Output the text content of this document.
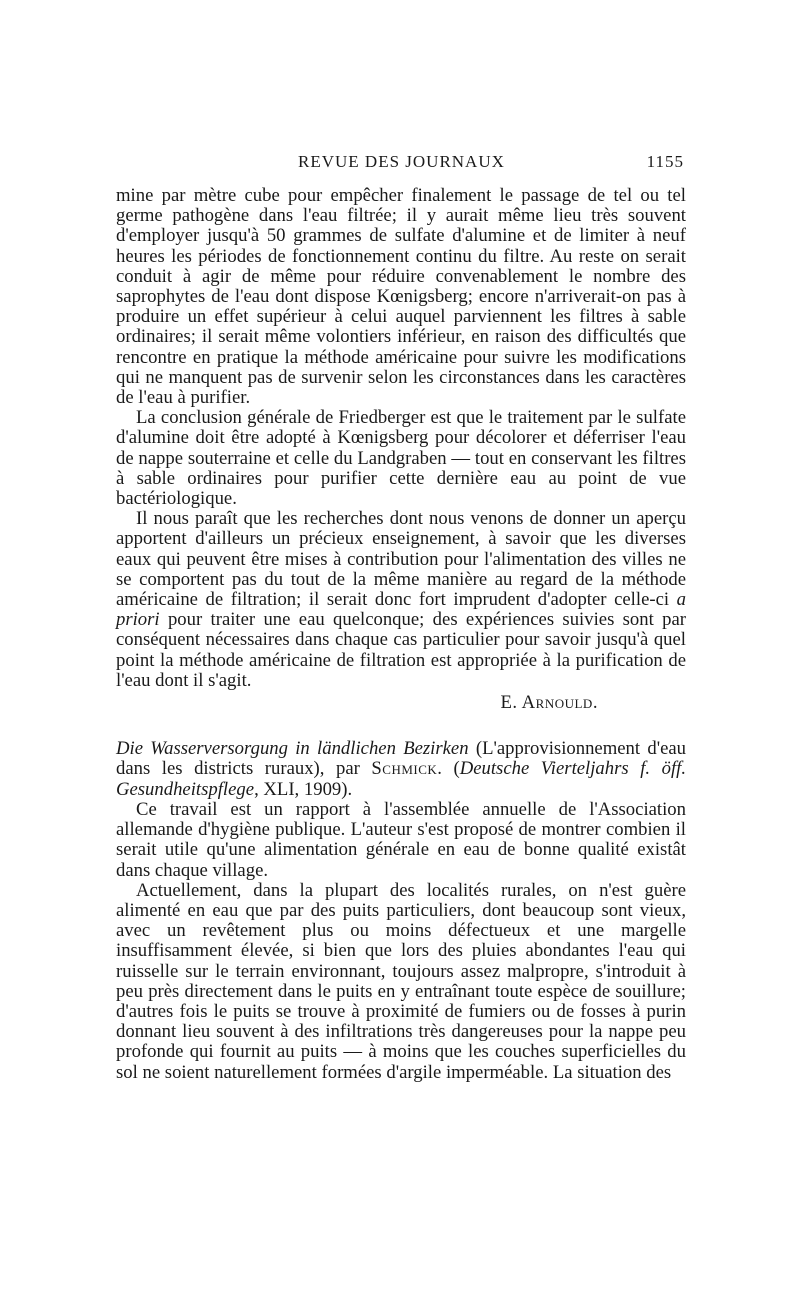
REVUE DES JOURNAUX	1155

mine par mètre cube pour empêcher finalement le passage de tel ou tel germe pathogène dans l'eau filtrée; il y aurait même lieu très souvent d'employer jusqu'à 50 grammes de sulfate d'alumine et de limiter à neuf heures les périodes de fonctionnement continu du filtre. Au reste on serait conduit à agir de même pour réduire convenablement le nombre des saprophytes de l'eau dont dispose Kœnigsberg; encore n'arriverait-on pas à produire un effet supérieur à celui auquel parviennent les filtres à sable ordinaires; il serait même volontiers inférieur, en raison des difficultés que rencontre en pratique la méthode américaine pour suivre les modifications qui ne manquent pas de survenir selon les circonstances dans les caractères de l'eau à purifier.

La conclusion générale de Friedberger est que le traitement par le sulfate d'alumine doit être adopté à Kœnigsberg pour décolorer et déferriser l'eau de nappe souterraine et celle du Landgraben — tout en conservant les filtres à sable ordinaires pour purifier cette dernière eau au point de vue bactériologique.

Il nous paraît que les recherches dont nous venons de donner un aperçu apportent d'ailleurs un précieux enseignement, à savoir que les diverses eaux qui peuvent être mises à contribution pour l'alimentation des villes ne se comportent pas du tout de la même manière au regard de la méthode américaine de filtration; il serait donc fort imprudent d'adopter celle-ci a priori pour traiter une eau quelconque; des expériences suivies sont par conséquent nécessaires dans chaque cas particulier pour savoir jusqu'à quel point la méthode américaine de filtration est appropriée à la purification de l'eau dont il s'agit.

E. Arnould.

Die Wasserversorgung in ländlichen Bezirken (L'approvisionnement d'eau dans les districts ruraux), par Schmick. (Deutsche Vierteljahrs f. öff. Gesundheitspflege, XLI, 1909).

Ce travail est un rapport à l'assemblée annuelle de l'Association allemande d'hygiène publique. L'auteur s'est proposé de montrer combien il serait utile qu'une alimentation générale en eau de bonne qualité existât dans chaque village.

Actuellement, dans la plupart des localités rurales, on n'est guère alimenté en eau que par des puits particuliers, dont beaucoup sont vieux, avec un revêtement plus ou moins défectueux et une margelle insuffisamment élevée, si bien que lors des pluies abondantes l'eau qui ruisselle sur le terrain environnant, toujours assez malpropre, s'introduit à peu près directement dans le puits en y entraînant toute espèce de souillure; d'autres fois le puits se trouve à proximité de fumiers ou de fosses à purin donnant lieu souvent à des infiltrations très dangereuses pour la nappe peu profonde qui fournit au puits — à moins que les couches superficielles du sol ne soient naturellement formées d'argile imperméable. La situation des
